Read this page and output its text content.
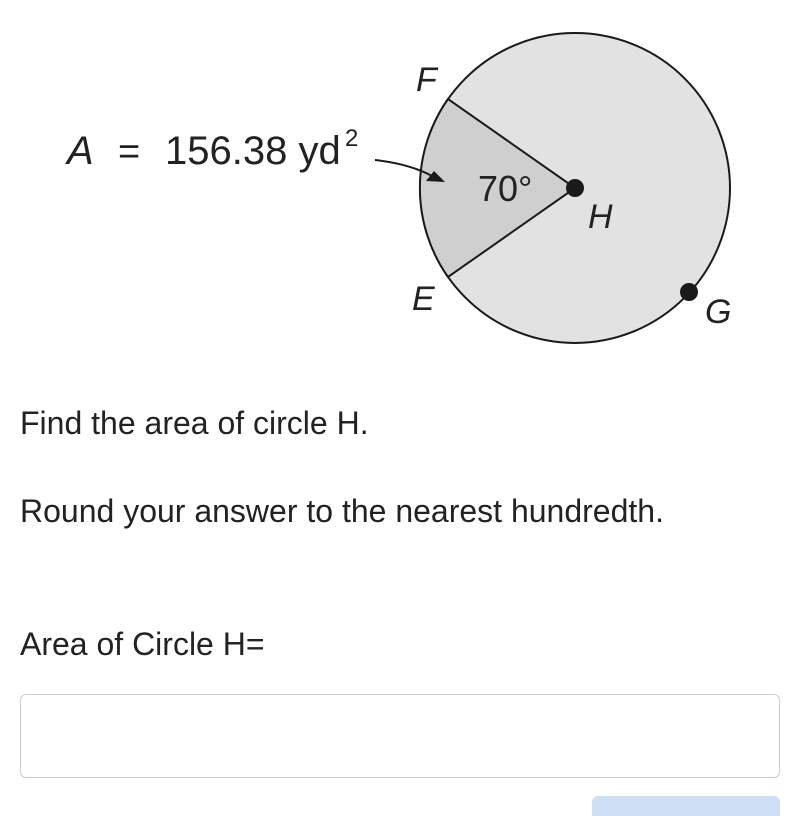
A = 156.38 yd 2
70°
F
E
H
G

Find the area of circle H.

Round your answer to the nearest hundredth.

Area of Circle H=
